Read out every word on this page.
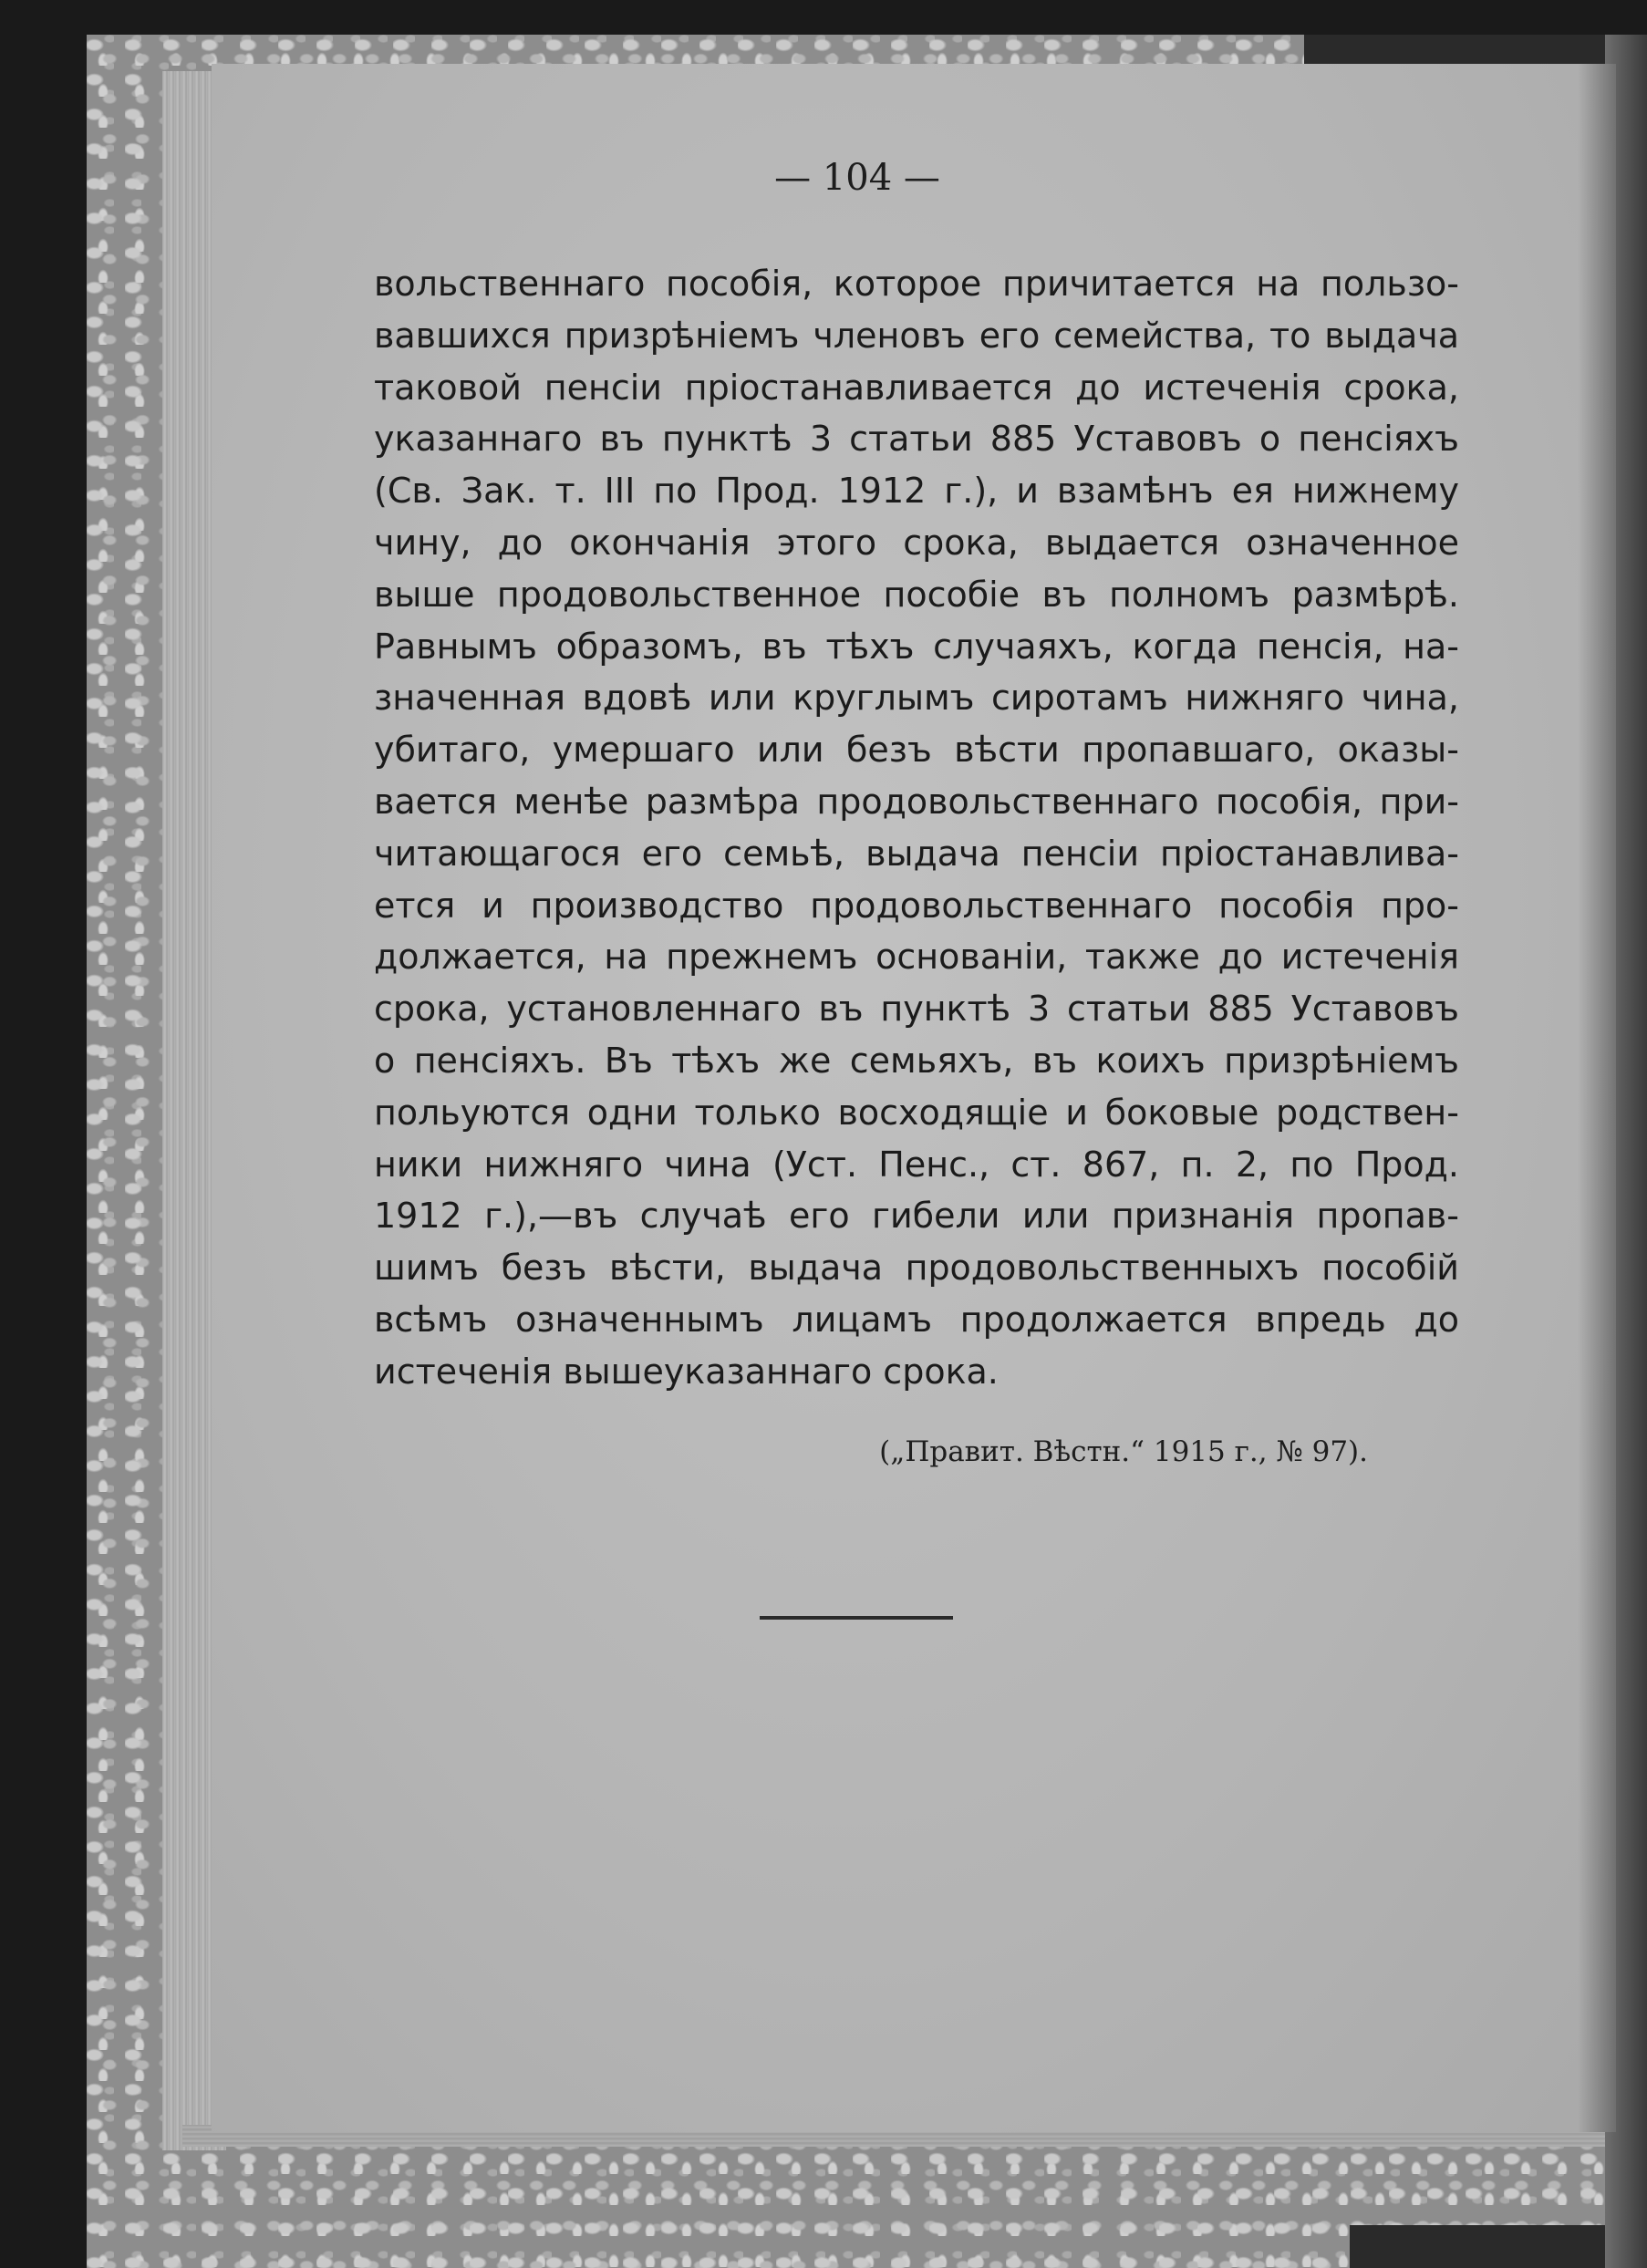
— 104 —
вольственнаго пособія, которое причитается на пользо-
вавшихся призрѣніемъ членовъ его семейства, то выдача
таковой пенсіи пріостанавливается до истеченія срока,
указаннаго въ пунктѣ 3 статьи 885 Уставовъ о пенсіяхъ
(Св. Зак. т. III по Прод. 1912 г.), и взамѣнъ ея нижнему
чину, до окончанія этого срока, выдается означенное
выше продовольственное пособіе въ полномъ размѣрѣ.
Равнымъ образомъ, въ тѣхъ случаяхъ, когда пенсія, на-
значенная вдовѣ или круглымъ сиротамъ нижняго чина,
убитаго, умершаго или безъ вѣсти пропавшаго, оказы-
вается менѣе размѣра продовольственнаго пособія, при-
читающагося его семьѣ, выдача пенсіи пріостанавлива-
ется и производство продовольственнаго пособія про-
должается, на прежнемъ основаніи, также до истеченія
срока, установленнаго въ пунктѣ 3 статьи 885 Уставовъ
о пенсіяхъ. Въ тѣхъ же семьяхъ, въ коихъ призрѣніемъ
польуются одни только восходящіе и боковые родствен-
ники нижняго чина (Уст. Пенс., ст. 867, п. 2, по Прод.
1912 г.),—въ случаѣ его гибели или признанія пропав-
шимъ безъ вѣсти, выдача продовольственныхъ пособій
всѣмъ означеннымъ лицамъ продолжается впредь до
истеченія вышеуказаннаго срока.
(„Правит. Вѣстн.“ 1915 г., № 97).
